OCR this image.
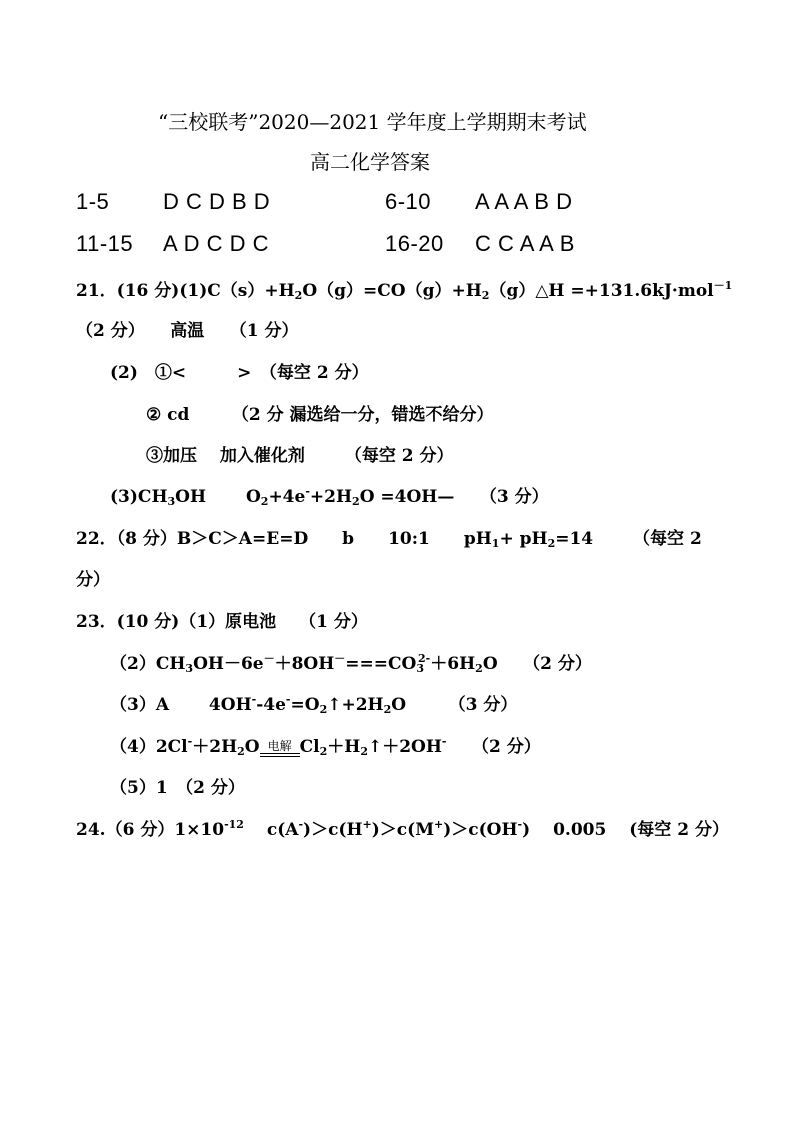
“三校联考”2020—2021 学年度上学期期末考试
高二化学答案
1-5 D C D B D	6-10 A A A B D
11-15 A D C D C	16-20 C C A A B
21．(16 分)$(1)C(s)+H_2O(g)=CO(g)+H_2(g)\triangle H =+131.6kJ\cdot mol^{-1}$
（2 分）　　高温　　（1 分）
(2)　①<　　　>　（每空 2 分）
② cd　　　（2 分 漏选给一分，错选不给分）
③加压　 加入催化剂　　 （每空 2 分）
$(3)CH_3OH$　　 $O_2+4e^-+2H_2O$ =4OH—　　（3 分）
22．（8 分）B＞C＞A=E=D　　b　　10:1　　$pH_1+ pH_2=14$　　 （每空 2
分）
23．(10 分)（1）原电池　 （1 分）
$(2)CH_3OH-6e^-+8OH^-===CO_3^{2-}+6H_2O$　　（2 分）
（3）A　　 $4OH^--4e^-=O_2↑+2H_2O$　　　（3 分）
$(4)2Cl^-+2H_2O$ 电解 $Cl_2+H_2↑+2OH^-$　　（2 分）
（5）1　（2 分）
24.（6 分）$1\times 10^{-12}$　 c(A-)＞c(H+)＞c(M+)＞c(OH-)　 0.005　 (每空 2 分）
